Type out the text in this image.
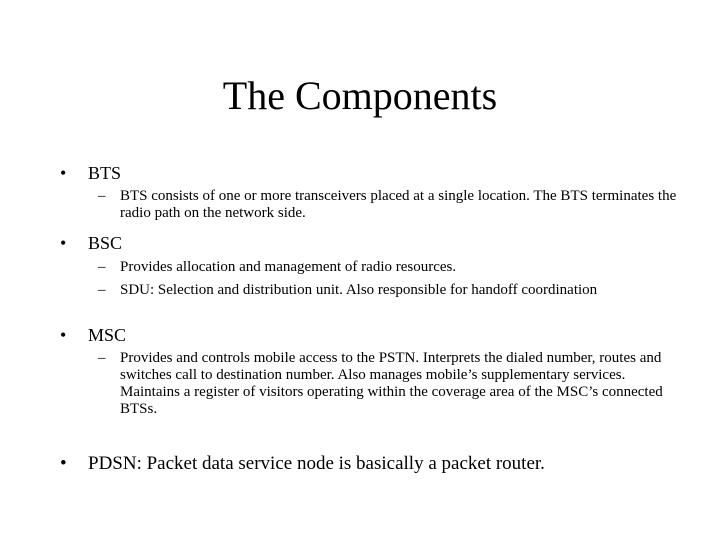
The Components
•	BTS
– BTS consists of one or more transceivers placed at a single location. The BTS terminates the radio path on the network side.
•	BSC
– Provides allocation and management of radio resources.
– SDU: Selection and distribution unit. Also responsible for handoff coordination
•	MSC
– Provides and controls mobile access to the PSTN. Interprets the dialed number, routes and switches call to destination number. Also manages mobile’s supplementary services. Maintains a register of visitors operating within the coverage area of the MSC’s connected BTSs.
•	PDSN: Packet data service node is basically a packet router.
